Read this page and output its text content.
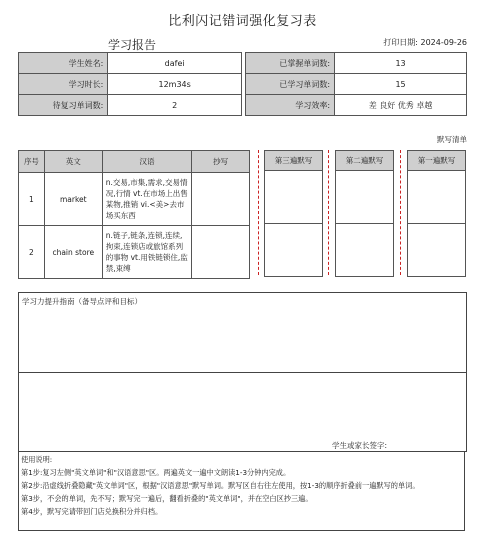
比利闪记错词强化复习表
学习报告	打印日期: 2024-09-26
学生姓名:	dafei		已掌握单词数:	13
学习时长:	12m34s		已学习单词数:	15
待复习单词数:	2		学习效率:	差 良好 优秀 卓越
默写清单
序号	英文	汉语	抄写
1	market	n.交易,市集,需求,交易情况,行情 vt.在市场上出售某物,推销 vi.<美>去市场买东西	
2	chain store	n.链子,链条,连锁,连续,拘束,连锁店或旅馆系列的事物 vt.用铁链锁住,监禁,束缚	
第三遍默写	第二遍默写	第一遍默写
学习力提升指南（备导点评和目标）
学生或家长签字:
使用说明:
第1步:复习左侧"英文单词"和"汉语意思"区。两遍英文一遍中文朗读1-3分钟内完成。
第2步:沿虚线折叠隐藏"英文单词"区，根据"汉语意思"默写单词。默写区自右往左使用，按1-3的顺序折叠前一遍默写的单词。
第3步，不会的单词，先不写；默写完一遍后，翻看折叠的"英文单词"，并在空白区抄三遍。
第4步，默写完请带回门店兑换积分并归档。
